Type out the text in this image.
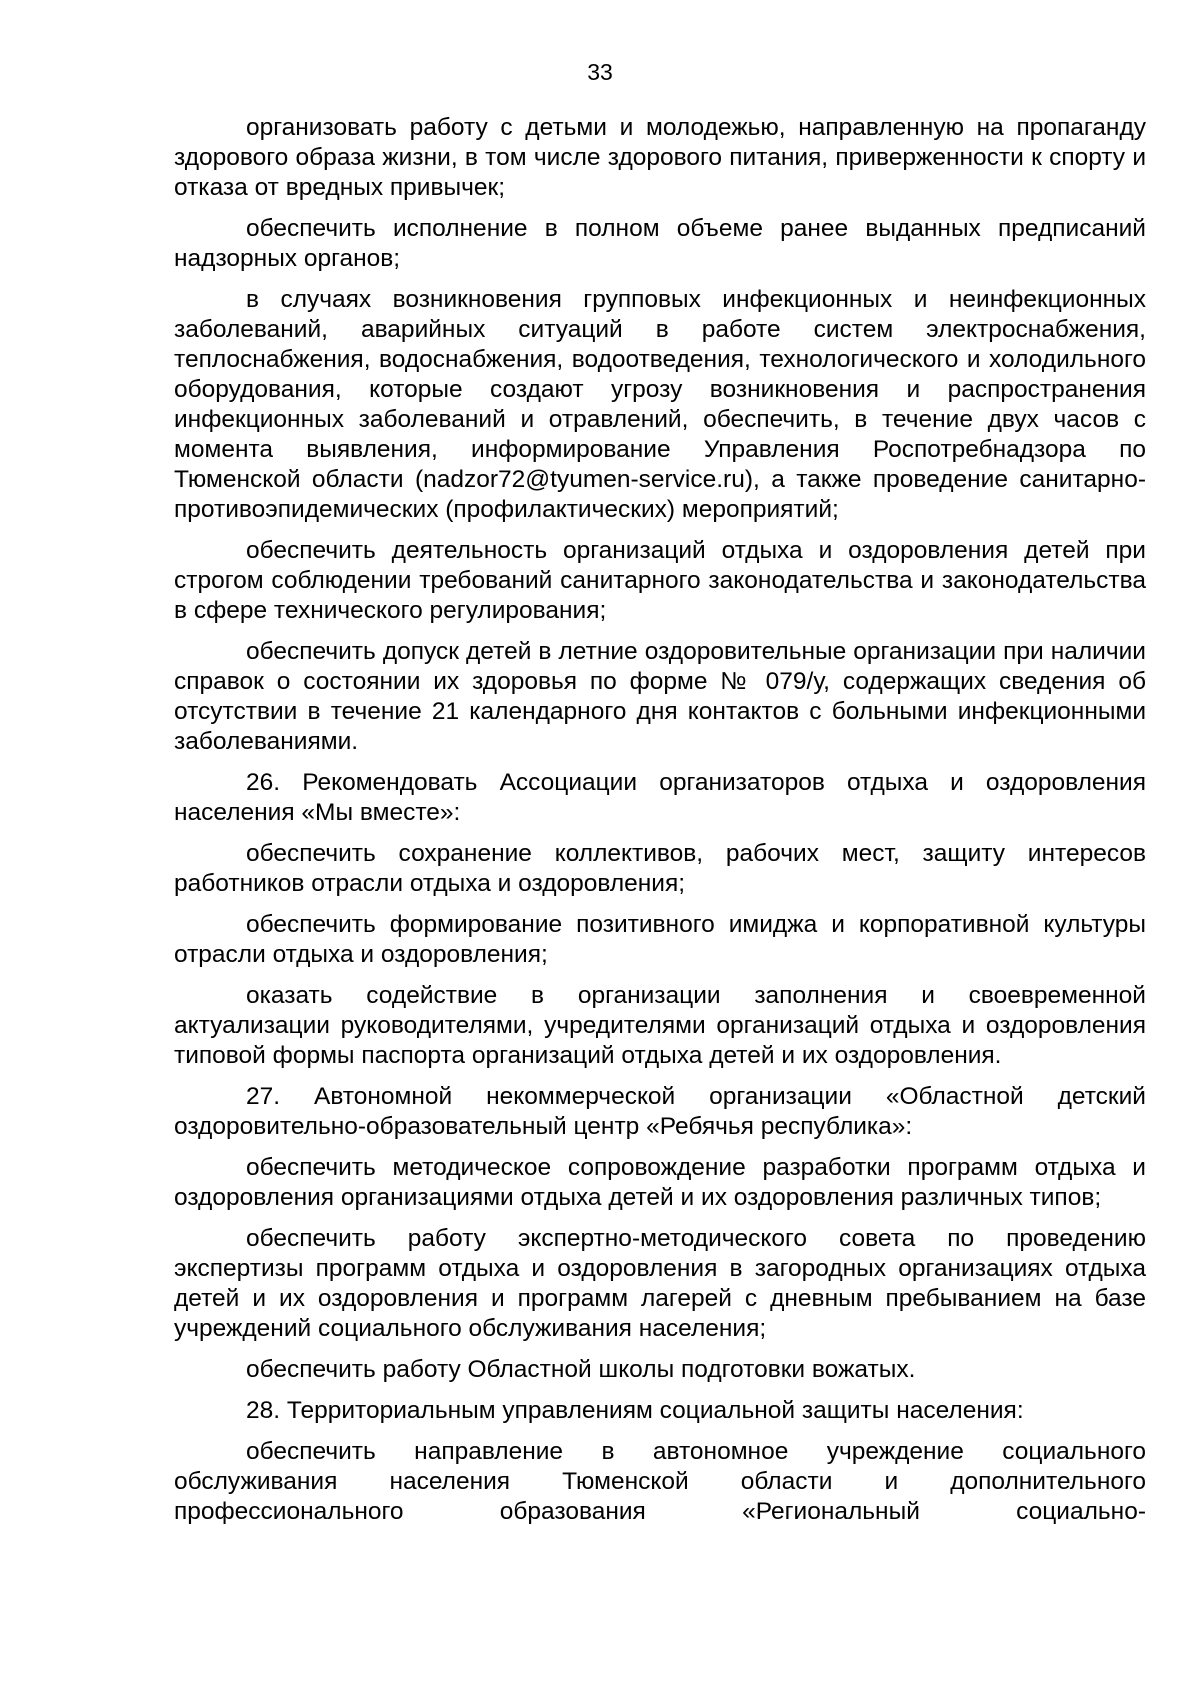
33

организовать работу с детьми и молодежью, направленную на пропаганду здорового образа жизни, в том числе здорового питания, приверженности к спорту и отказа от вредных привычек;

обеспечить исполнение в полном объеме ранее выданных предписаний надзорных органов;

в случаях возникновения групповых инфекционных и неинфекционных заболеваний, аварийных ситуаций в работе систем электроснабжения, теплоснабжения, водоснабжения, водоотведения, технологического и холодильного оборудования, которые создают угрозу возникновения и распространения инфекционных заболеваний и отравлений, обеспечить, в течение двух часов с момента выявления, информирование Управления Роспотребнадзора по Тюменской области (nadzor72@tyumen-service.ru), а также проведение санитарно-противоэпидемических (профилактических) мероприятий;

обеспечить деятельность организаций отдыха и оздоровления детей при строгом соблюдении требований санитарного законодательства и законодательства в сфере технического регулирования;

обеспечить допуск детей в летние оздоровительные организации при наличии справок о состоянии их здоровья по форме № 079/у, содержащих сведения об отсутствии в течение 21 календарного дня контактов с больными инфекционными заболеваниями.

26. Рекомендовать Ассоциации организаторов отдыха и оздоровления населения «Мы вместе»:

обеспечить сохранение коллективов, рабочих мест, защиту интересов работников отрасли отдыха и оздоровления;

обеспечить формирование позитивного имиджа и корпоративной культуры отрасли отдыха и оздоровления;

оказать содействие в организации заполнения и своевременной актуализации руководителями, учредителями организаций отдыха и оздоровления типовой формы паспорта организаций отдыха детей и их оздоровления.

27. Автономной некоммерческой организации «Областной детский оздоровительно-образовательный центр «Ребячья республика»:

обеспечить методическое сопровождение разработки программ отдыха и оздоровления организациями отдыха детей и их оздоровления различных типов;

обеспечить работу экспертно-методического совета по проведению экспертизы программ отдыха и оздоровления в загородных организациях отдыха детей и их оздоровления и программ лагерей с дневным пребыванием на базе учреждений социального обслуживания населения;

обеспечить работу Областной школы подготовки вожатых.

28. Территориальным управлениям социальной защиты населения:

обеспечить направление в автономное учреждение социального обслуживания населения Тюменской области и дополнительного профессионального образования «Региональный социально-
